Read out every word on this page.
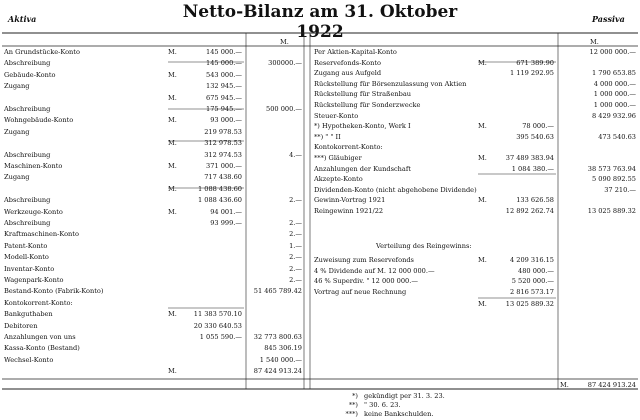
Aktiva	Netto-Bilanz am 31. Oktober 1922
Passiva
M.	M.
An Grundstücke-Konto	M.	145 000.—
Abschreibung	145 000.—	300000.—
Gebäude-Konto	M.	543 000.—
Zugang	132 945.—
M.	675 945.—
Abschreibung	175 945.—	500 000.—
Wohngebäude-Konto	M.	93 000.—
Zugang	219 978.53
M.	312 978.53
Abschreibung	312 974.53	4.—
Maschinen-Konto	M.	371 000.—
Zugang	717 438.60
M.	1 088 438.60
Abschreibung	1 088 436.60	2.—
Werkzeuge-Konto	M.	94 001.—
Abschreibung	93 999.—	2.—
Kraftmaschinen-Konto	2.—
Patent-Konto	1.—
Modell-Konto	2.—
Inventar-Konto	2.—
Wagenpark-Konto	2.—
Bestand-Konto (Fabrik-Konto)	51 465 789.42
Kontokorrent-Konto:
Bankguthaben	M.	11 383 570.10
Debitoren	20 330 640.53
Anzahlungen von uns	1 055 590.—	32 773 800.63
Kassa-Konto (Bestand)	845 306.19
Wechsel-Konto	1 540 000.—
M.	87 424 913.24
Per Aktien-Kapital-Konto	12 000 000.—
Reservefonds-Konto	M.	671 389.90
Zugang aus Aufgeld	1 119 292.95	1 790 653.85
Rückstellung für Börsenzulassung von Aktien	4 000 000.—
Rückstellung für Straßenbau	1 000 000.—
Rückstellung für Sonderzwecke	1 000 000.—
Steuer-Konto	8 429 932.96
*) Hypotheken-Konto, Werk I	M.	78 000.—
**) " " II	395 540.63	473 540.63
Kontokorrent-Konto:
***) Gläubiger	M.	37 489 383.94
Anzahlungen der Kundschaft	1 084 380.—	38 573 763.94
Akzepte-Konto	5 090 892.55
Dividenden-Konto (nicht abgehobene Dividende)	37 210.—
Gewinn-Vortrag 1921	M.	133 626.58
Reingewinn 1921/22	12 892 262.74	13 025 889.32
M.	87 424 913.24
Verteilung des Reingewinns:
Zuweisung zum Reservefonds	M.	4 209 316.15
4 % Dividende auf M. 12 000 000.—	480 000.—
46 % Superdiv. " 12 000 000.—	5 520 000.—
Vortrag auf neue Rechnung	2 816 573.17
M.	13 025 889.32
*) gekündigt per 31. 3. 23.
**) " 30. 6. 23.
***) keine Bankschulden.
